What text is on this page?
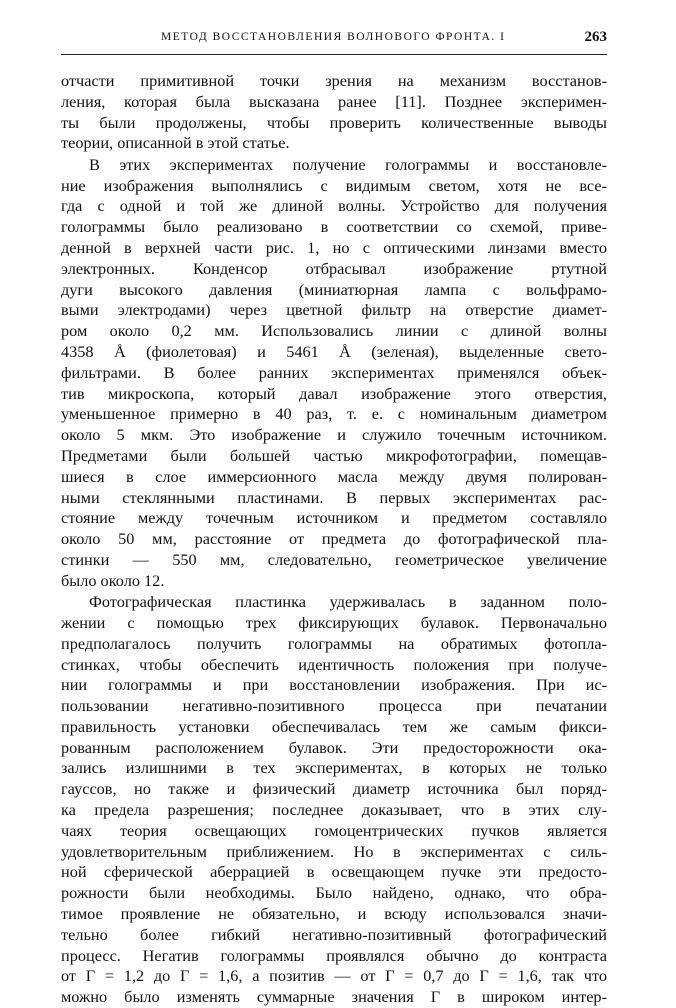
МЕТОД ВОССТАНОВЛЕНИЯ ВОЛНОВОГО ФРОНТА. I	263
отчасти примитивной точки зрения на механизм восстанов-
ления, которая была высказана ранее [11]. Позднее эксперимен-
ты были продолжены, чтобы проверить количественные выводы
теории, описанной в этой статье.
В этих экспериментах получение голограммы и восстановле-
ние изображения выполнялись с видимым светом, хотя не все-
гда с одной и той же длиной волны. Устройство для получения
голограммы было реализовано в соответствии со схемой, приве-
денной в верхней части рис. 1, но с оптическими линзами вместо
электронных. Конденсор отбрасывал изображение ртутной
дуги высокого давления (миниатюрная лампа с вольфрамо-
выми электродами) через цветной фильтр на отверстие диамет-
ром около 0,2 мм. Использовались линии с длиной волны
4358 Å (фиолетовая) и 5461 Å (зеленая), выделенные свето-
фильтрами. В более ранних экспериментах применялся объек-
тив микроскопа, который давал изображение этого отверстия,
уменьшенное примерно в 40 раз, т. е. с номинальным диаметром
около 5 мкм. Это изображение и служило точечным источником.
Предметами были большей частью микрофотографии, помещав-
шиеся в слое иммерсионного масла между двумя полирован-
ными стеклянными пластинами. В первых экспериментах рас-
стояние между точечным источником и предметом составляло
около 50 мм, расстояние от предмета до фотографической пла-
стинки — 550 мм, следовательно, геометрическое увеличение
было около 12.
Фотографическая пластинка удерживалась в заданном поло-
жении с помощью трех фиксирующих булавок. Первоначально
предполагалось получить голограммы на обратимых фотопла-
стинках, чтобы обеспечить идентичность положения при получе-
нии голограммы и при восстановлении изображения. При ис-
пользовании негативно-позитивного процесса при печатании
правильность установки обеспечивалась тем же самым фикси-
рованным расположением булавок. Эти предосторожности ока-
зались излишними в тех экспериментах, в которых не только
гауссов, но также и физический диаметр источника был поряд-
ка предела разрешения; последнее доказывает, что в этих слу-
чаях теория освещающих гомоцентрических пучков является
удовлетворительным приближением. Но в экспериментах с силь-
ной сферической аберрацией в освещающем пучке эти предосто-
рожности были необходимы. Было найдено, однако, что обра-
тимое проявление не обязательно, и всюду использовался значи-
тельно более гибкий негативно-позитивный фотографический
процесс. Негатив голограммы проявлялся обычно до контраста
от Γ = 1,2 до Γ = 1,6, а позитив — от Γ = 0,7 до Γ = 1,6, так что
можно было изменять суммарные значения Γ в широком интер-
